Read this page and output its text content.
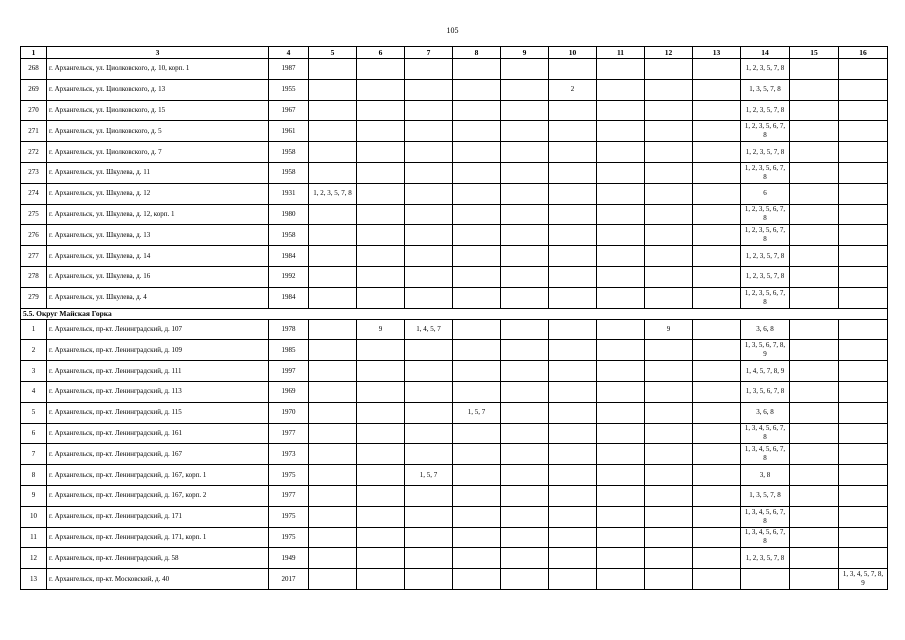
105
1	3	4	5	6	7	8	9	10	11	12	13	14	15	16
268	г. Архангельск, ул. Циолковского, д. 10, корп. 1	1987										1, 2, 3, 5, 7, 8		
269	г. Архангельск, ул. Циолковского, д. 13	1955						2				1, 3, 5, 7, 8		
270	г. Архангельск, ул. Циолковского, д. 15	1967										1, 2, 3, 5, 7, 8		
271	г. Архангельск, ул. Циолковского, д. 5	1961										1, 2, 3, 5, 6, 7, 8		
272	г. Архангельск, ул. Циолковского, д. 7	1958										1, 2, 3, 5, 7, 8		
273	г. Архангельск, ул. Шкулева, д. 11	1958										1, 2, 3, 5, 6, 7, 8		
274	г. Архангельск, ул. Шкулева, д. 12	1931	1, 2, 3, 5, 7, 8									6		
275	г. Архангельск, ул. Шкулева, д. 12, корп. 1	1980										1, 2, 3, 5, 6, 7, 8		
276	г. Архангельск, ул. Шкулева, д. 13	1958										1, 2, 3, 5, 6, 7, 8		
277	г. Архангельск, ул. Шкулева, д. 14	1984										1, 2, 3, 5, 7, 8		
278	г. Архангельск, ул. Шкулева, д. 16	1992										1, 2, 3, 5, 7, 8		
279	г. Архангельск, ул. Шкулева, д. 4	1984										1, 2, 3, 5, 6, 7, 8		
5.5. Округ Майская Горка														
1	г. Архангельск, пр-кт. Ленинградский, д. 107	1978		9	1, 4, 5, 7					9		3, 6, 8		
2	г. Архангельск, пр-кт. Ленинградский, д. 109	1985										1, 3, 5, 6, 7, 8, 9		
3	г. Архангельск, пр-кт. Ленинградский, д. 111	1997										1, 4, 5, 7, 8, 9		
4	г. Архангельск, пр-кт. Ленинградский, д. 113	1969										1, 3, 5, 6, 7, 8		
5	г. Архангельск, пр-кт. Ленинградский, д. 115	1970				1, 5, 7						3, 6, 8		
6	г. Архангельск, пр-кт. Ленинградский, д. 161	1977										1, 3, 4, 5, 6, 7, 8		
7	г. Архангельск, пр-кт. Ленинградский, д. 167	1973										1, 3, 4, 5, 6, 7, 8		
8	г. Архангельск, пр-кт. Ленинградский, д. 167, корп. 1	1975			1, 5, 7							3, 8		
9	г. Архангельск, пр-кт. Ленинградский, д. 167, корп. 2	1977										1, 3, 5, 7, 8		
10	г. Архангельск, пр-кт. Ленинградский, д. 171	1975										1, 3, 4, 5, 6, 7, 8		
11	г. Архангельск, пр-кт. Ленинградский, д. 171, корп. 1	1975										1, 3, 4, 5, 6, 7, 8		
12	г. Архангельск, пр-кт. Ленинградский, д. 58	1949										1, 2, 3, 5, 7, 8		
13	г. Архангельск, пр-кт. Московский, д. 40	2017												1, 3, 4, 5, 7, 8, 9
